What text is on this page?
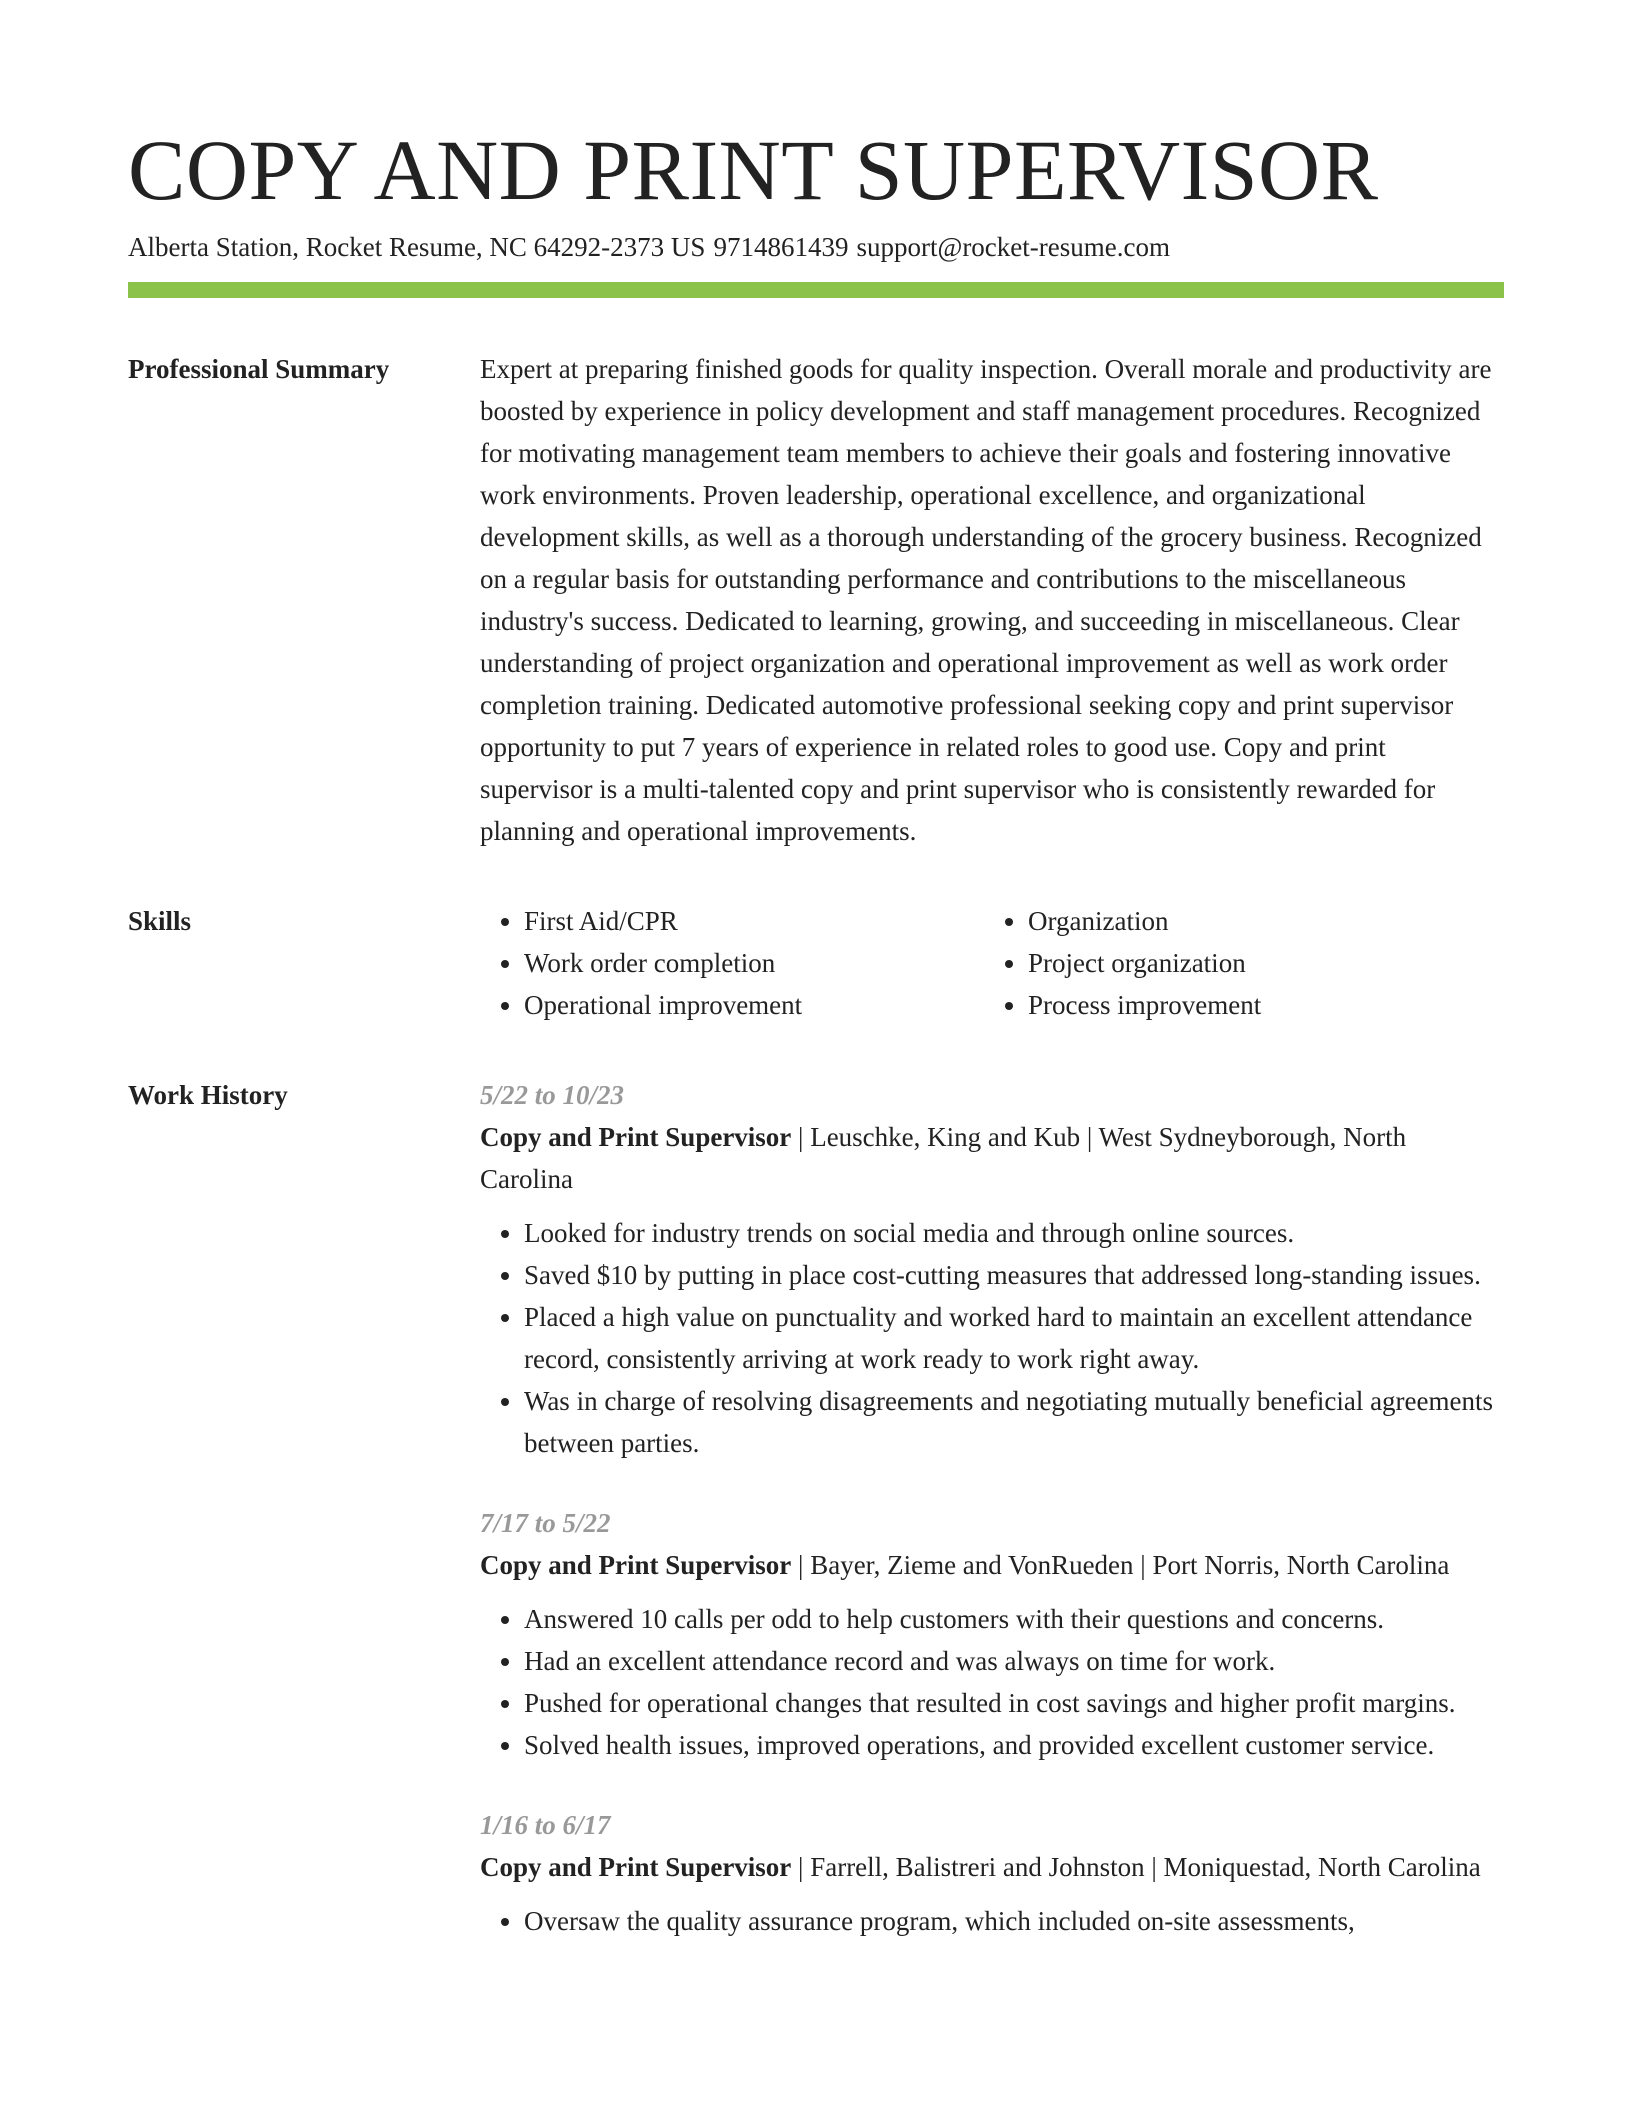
COPY AND PRINT SUPERVISOR
Alberta Station, Rocket Resume, NC 64292-2373 US 9714861439 support@rocket-resume.com
Professional Summary	Expert at preparing finished goods for quality inspection. Overall morale and productivity are boosted by experience in policy development and staff management procedures. Recognized for motivating management team members to achieve their goals and fostering innovative work environments. Proven leadership, operational excellence, and organizational development skills, as well as a thorough understanding of the grocery business. Recognized on a regular basis for outstanding performance and contributions to the miscellaneous industry's success. Dedicated to learning, growing, and succeeding in miscellaneous. Clear understanding of project organization and operational improvement as well as work order completion training. Dedicated automotive professional seeking copy and print supervisor opportunity to put 7 years of experience in related roles to good use. Copy and print supervisor is a multi-talented copy and print supervisor who is consistently rewarded for planning and operational improvements.

Skills
•	First Aid/CPR
• Work order completion
• Operational improvement
• Organization
• Project organization
• Process improvement
Work History	5/22 to 10/23
Copy and Print Supervisor | Leuschke, King and Kub | West Sydneyborough, North Carolina
• Looked for industry trends on social media and through online sources.
• Saved $10 by putting in place cost-cutting measures that addressed long-standing issues.
• Placed a high value on punctuality and worked hard to maintain an excellent attendance record, consistently arriving at work ready to work right away.
• Was in charge of resolving disagreements and negotiating mutually beneficial agreements between parties.
7/17 to 5/22
Copy and Print Supervisor | Bayer, Zieme and VonRueden | Port Norris, North Carolina
• Answered 10 calls per odd to help customers with their questions and concerns.
• Had an excellent attendance record and was always on time for work.
• Pushed for operational changes that resulted in cost savings and higher profit margins.
• Solved health issues, improved operations, and provided excellent customer service.
1/16 to 6/17
Copy and Print Supervisor | Farrell, Balistreri and Johnston | Moniquestad, North Carolina
• Oversaw the quality assurance program, which included on-site assessments,
